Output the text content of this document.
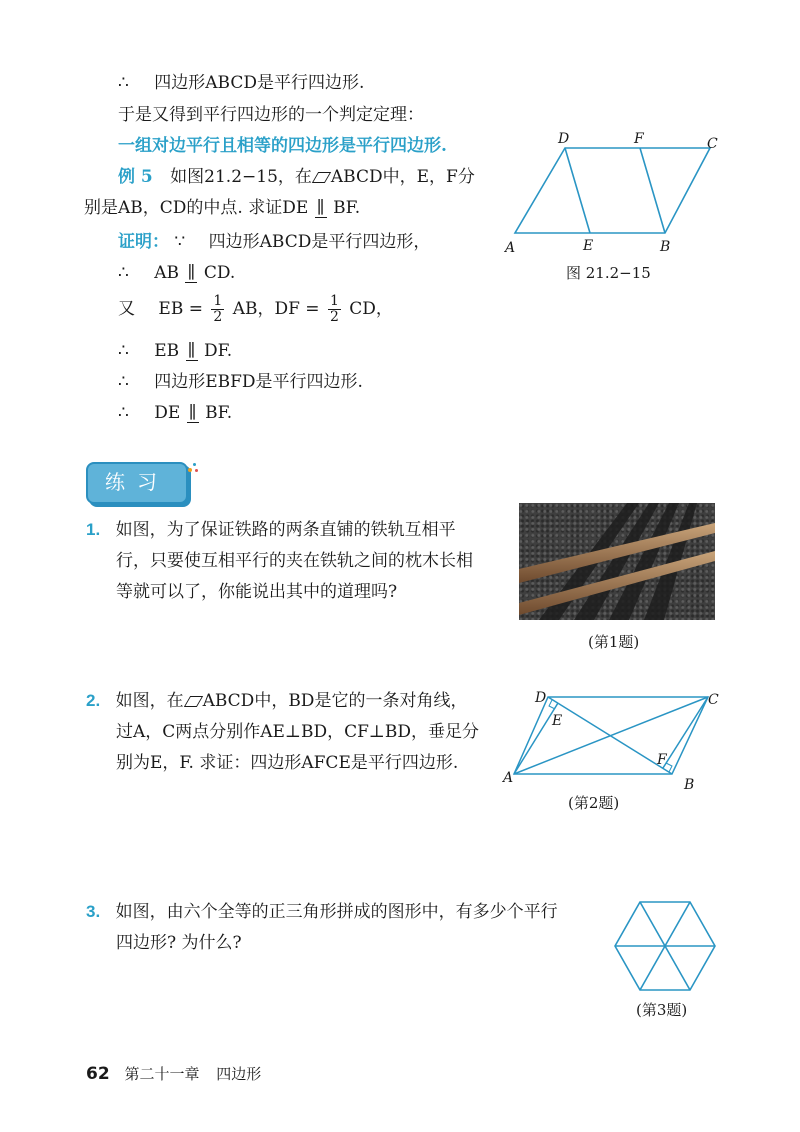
∴ 四边形ABCD是平行四边形.
于是又得到平行四边形的一个判定定理：
一组对边平行且相等的四边形是平行四边形.
例 5 如图21.2−15，在 ABCD中，E，F分
别是AB，CD的中点. 求证DE ∥ BF.
证明： ∵ 四边形ABCD是平行四边形，
∴ AB ∥ CD.
又 EB = $\frac{1}{2}$ AB，DF = $\frac{1}{2}$ CD，
∴ EB ∥ DF.
∴ 四边形EBFD是平行四边形.
∴ DE ∥ BF.
A	E	B
D	F	C
图 21.2−15
练习
1. 如图，为了保证铁路的两条直铺的铁轨互相平
行，只要使互相平行的夹在铁轨之间的枕木长相
等就可以了，你能说出其中的道理吗?
(第1题)
2. 如图，在 ABCD中，BD是它的一条对角线，
过A，C两点分别作AE⊥BD，CF⊥BD，垂足分
别为E，F. 求证：四边形AFCE是平行四边形.
A	B
C
D
E
F
(第2题)
3. 如图，由六个全等的正三角形拼成的图形中，有多少个平行
四边形? 为什么?
(第3题)
62 第二十一章 四边形
